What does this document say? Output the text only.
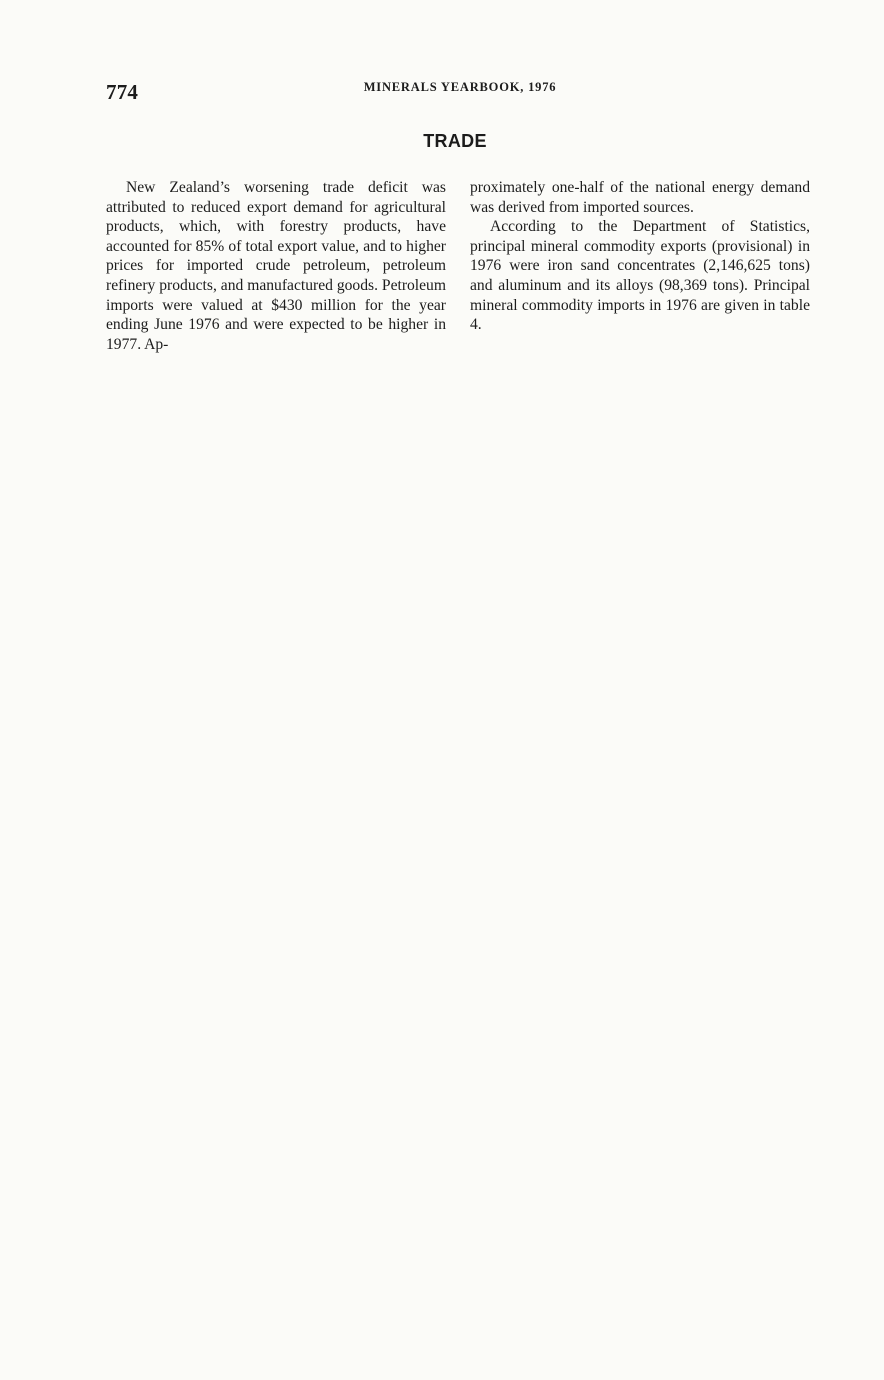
774	MINERALS YEARBOOK, 1976
TRADE

New Zealand’s worsening trade deficit was attributed to reduced export demand for agricultural products, which, with forestry products, have accounted for 85% of total export value, and to higher prices for imported crude petroleum, petroleum refinery products, and manufactured goods. Petroleum imports were valued at $430 million for the year ending June 1976 and were expected to be higher in 1977. Ap-

proximately one-half of the national energy demand was derived from imported sources.

According to the Department of Statistics, principal mineral commodity exports (provisional) in 1976 were iron sand concentrates (2,146,625 tons) and aluminum and its alloys (98,369 tons). Principal mineral commodity imports in 1976 are given in table 4.
